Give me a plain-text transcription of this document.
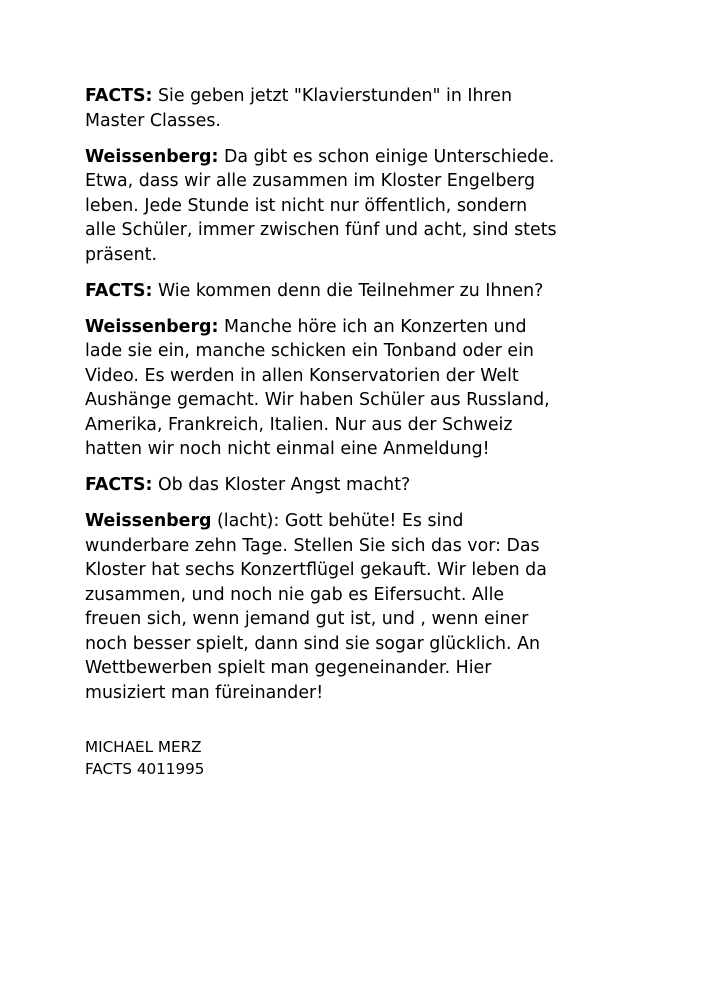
FACTS: Sie geben jetzt "Klavierstunden" in Ihren
Master Classes.

Weissenberg: Da gibt es schon einige Unterschiede.
Etwa, dass wir alle zusammen im Kloster Engelberg
leben. Jede Stunde ist nicht nur öffentlich, sondern
alle Schüler, immer zwischen fünf und acht, sind stets
präsent.

FACTS: Wie kommen denn die Teilnehmer zu Ihnen?

Weissenberg: Manche höre ich an Konzerten und
lade sie ein, manche schicken ein Tonband oder ein
Video. Es werden in allen Konservatorien der Welt
Aushänge gemacht. Wir haben Schüler aus Russland,
Amerika, Frankreich, Italien. Nur aus der Schweiz
hatten wir noch nicht einmal eine Anmeldung!

FACTS: Ob das Kloster Angst macht?

Weissenberg (lacht): Gott behüte! Es sind
wunderbare zehn Tage. Stellen Sie sich das vor: Das
Kloster hat sechs Konzertflügel gekauft. Wir leben da
zusammen, und noch nie gab es Eifersucht. Alle
freuen sich, wenn jemand gut ist, und , wenn einer
noch besser spielt, dann sind sie sogar glücklich. An
Wettbewerben spielt man gegeneinander. Hier
musiziert man füreinander!

MICHAEL MERZ
FACTS 4011995
